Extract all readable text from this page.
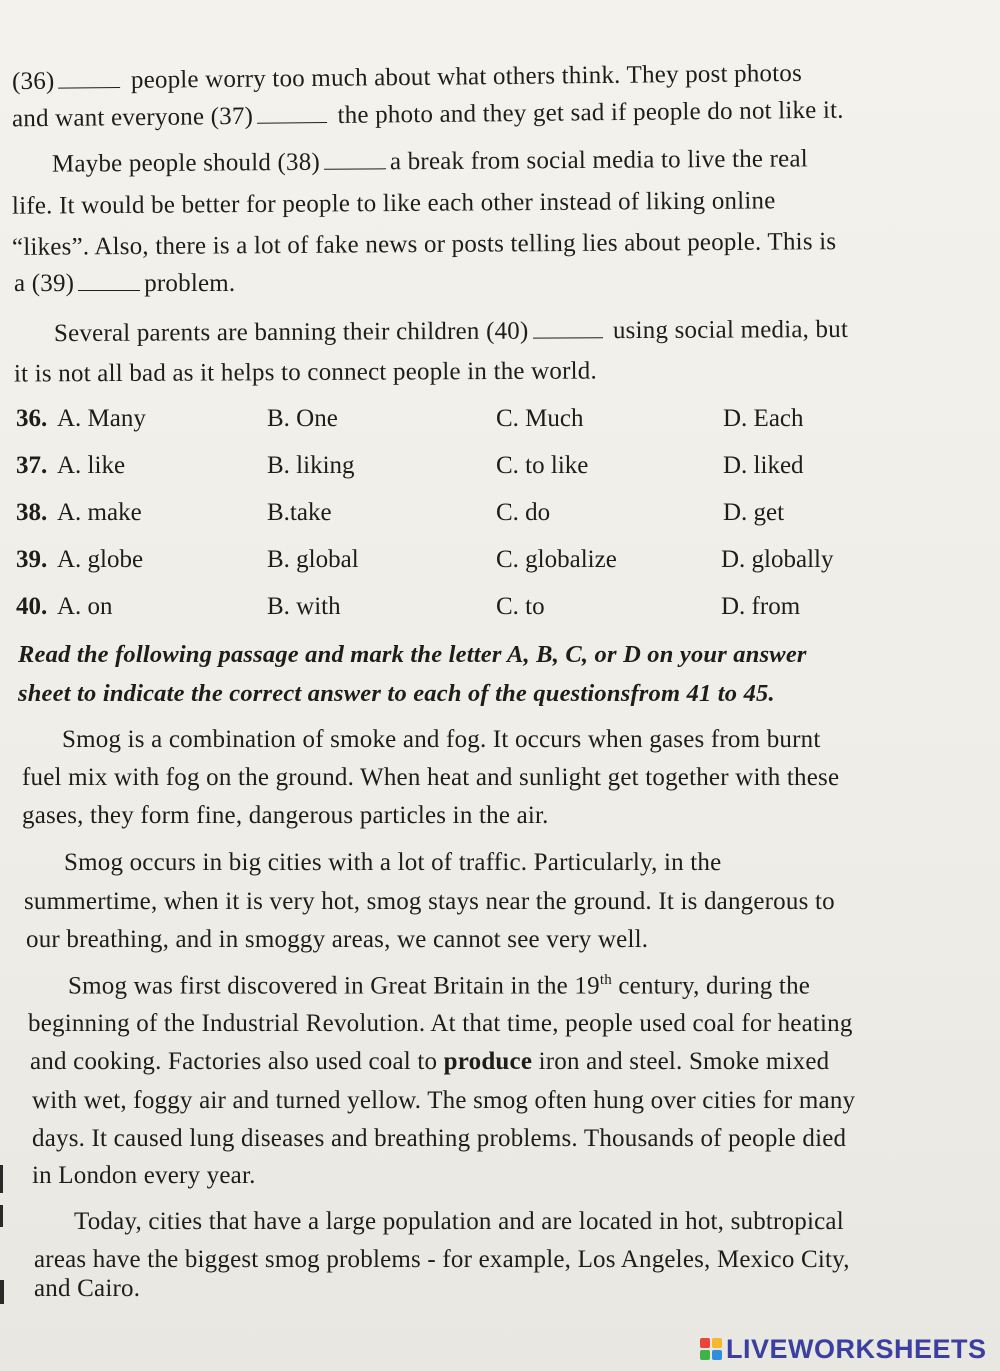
(36)	people worry too much about what others think. They post photos
and want everyone (37)	the photo and they get sad if people do not like it.
Maybe people should (38)	a break from social media to live the real
life. It would be better for people to like each other instead of liking online
“likes”. Also, there is a lot of fake news or posts telling lies about people. This is
a (39)	problem.
Several parents are banning their children (40)	using social media, but
it is not all bad as it helps to connect people in the world.
36. A. Many	B. One	C. Much	D. Each
37. A. like	B. liking	C. to like	D. liked
38. A. make	B.take	C. do	D. get
39. A. globe	B. global	C. globalize	D. globally
40. A. on	B. with	C. to	D. from
Read the following passage and mark the letter A, B, C, or D on your answer
sheet to indicate the correct answer to each of the questionsfrom 41 to 45.
Smog is a combination of smoke and fog. It occurs when gases from burnt
fuel mix with fog on the ground. When heat and sunlight get together with these
gases, they form fine, dangerous particles in the air.
Smog occurs in big cities with a lot of traffic. Particularly, in the
summertime, when it is very hot, smog stays near the ground. It is dangerous to
our breathing, and in smoggy areas, we cannot see very well.
Smog was first discovered in Great Britain in the 19th century, during the
beginning of the Industrial Revolution. At that time, people used coal for heating
and cooking. Factories also used coal to produce iron and steel. Smoke mixed
with wet, foggy air and turned yellow. The smog often hung over cities for many
days. It caused lung diseases and breathing problems. Thousands of people died
in London every year.
Today, cities that have a large population and are located in hot, subtropical
areas have the biggest smog problems - for example, Los Angeles, Mexico City,
and Cairo.
LIVEWORKSHEETS
